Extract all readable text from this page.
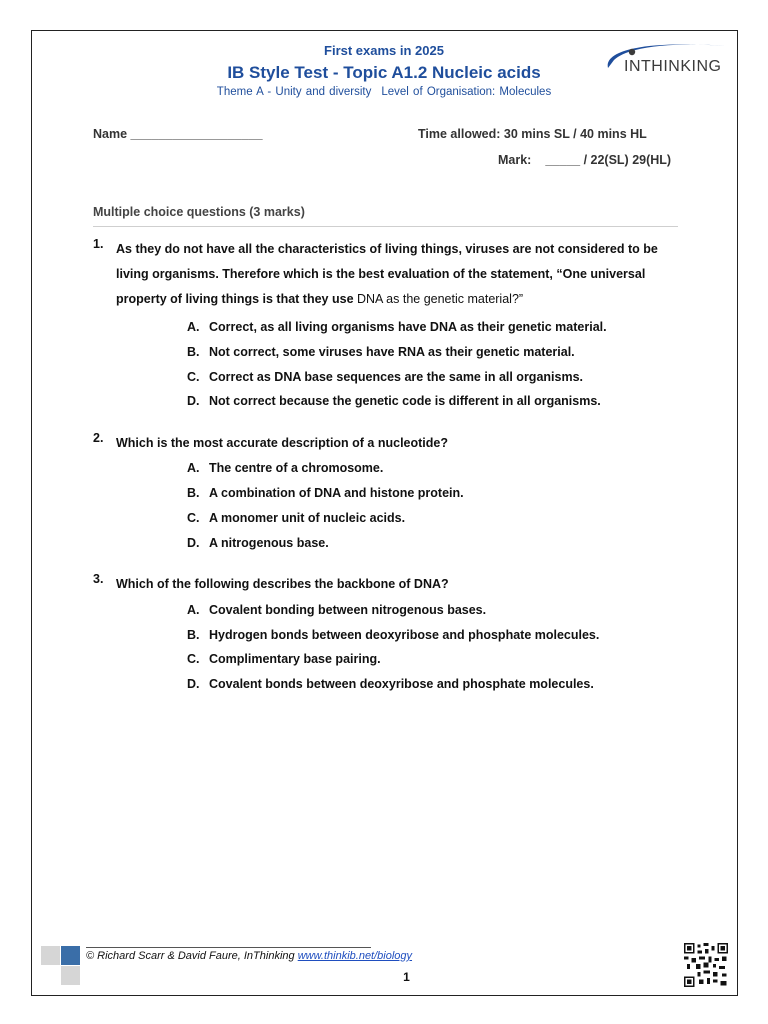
First exams in 2025
IB Style Test - Topic A1.2 Nucleic acids
Theme A - Unity and diversity Level of Organisation: Molecules
INTHINKING
Name ___________________	Time allowed: 30 mins SL / 40 mins HL
Mark: _____ / 22(SL) 29(HL)
Multiple choice questions (3 marks)
1.	As they do not have all the characteristics of living things, viruses are not considered to be living organisms. Therefore which is the best evaluation of the statement, “One universal property of living things is that they use DNA as the genetic material?”
A. Correct, as all living organisms have DNA as their genetic material.
B. Not correct, some viruses have RNA as their genetic material.
C. Correct as DNA base sequences are the same in all organisms.
D. Not correct because the genetic code is different in all organisms.
2.	Which is the most accurate description of a nucleotide?
A. The centre of a chromosome.
B. A combination of DNA and histone protein.
C. A monomer unit of nucleic acids.
D. A nitrogenous base.
3.	Which of the following describes the backbone of DNA?
A. Covalent bonding between nitrogenous bases.
B. Hydrogen bonds between deoxyribose and phosphate molecules.
C. Complimentary base pairing.
D. Covalent bonds between deoxyribose and phosphate molecules.
© Richard Scarr & David Faure, InThinking www.thinkib.net/biology
1
